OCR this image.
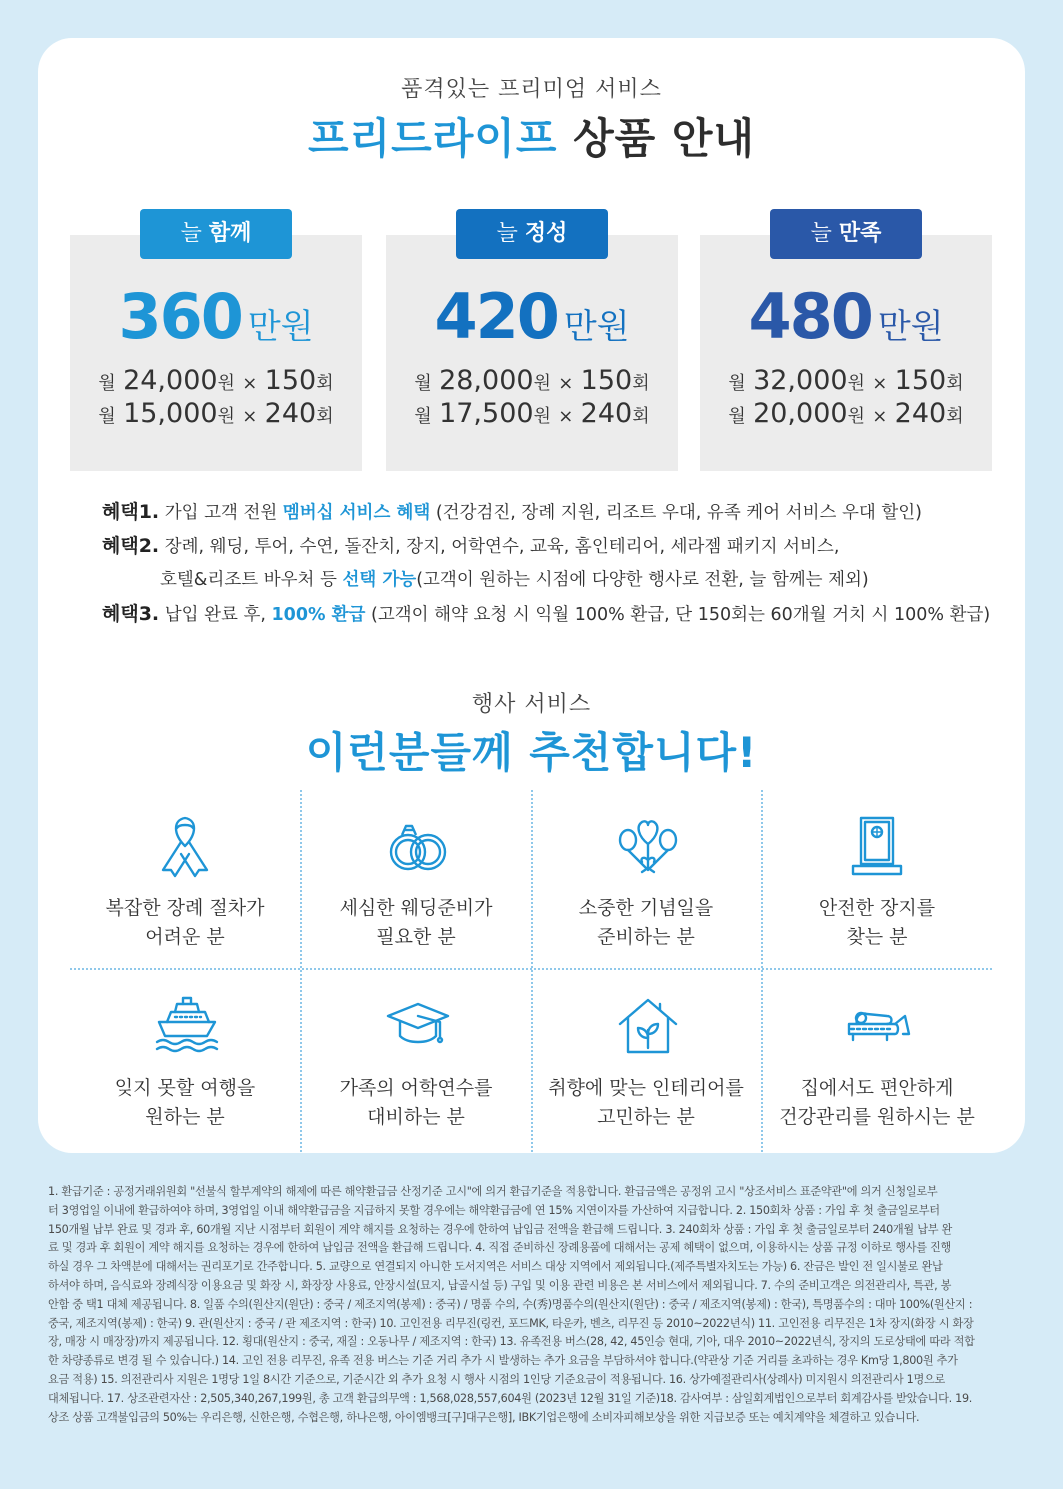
품격있는 프리미엄 서비스
프리드라이프 상품 안내
360 만원
월 24,000원 × 150회
월 15,000원 × 240회
늘 함께
420 만원
월 28,000원 × 150회
월 17,500원 × 240회
늘 정성
480 만원
월 32,000원 × 150회
월 20,000원 × 240회
늘 만족
혜택1. 가입 고객 전원 멤버십 서비스 혜택 (건강검진, 장례 지원, 리조트 우대, 유족 케어 서비스 우대 할인)
혜택2. 장례, 웨딩, 투어, 수연, 돌잔치, 장지, 어학연수, 교육, 홈인테리어, 세라젬 패키지 서비스,
호텔&리조트 바우처 등 선택 가능(고객이 원하는 시점에 다양한 행사로 전환, 늘 함께는 제외)
혜택3. 납입 완료 후, 100% 환급 (고객이 해약 요청 시 익월 100% 환급, 단 150회는 60개월 거치 시 100% 환급)
행사 서비스
이런분들께 추천합니다!
복잡한 장례 절차가
어려운 분
세심한 웨딩준비가
필요한 분
소중한 기념일을
준비하는 분
안전한 장지를
찾는 분
잊지 못할 여행을
원하는 분
가족의 어학연수를
대비하는 분
취향에 맞는 인테리어를
고민하는 분
집에서도 편안하게
건강관리를 원하시는 분
1. 환급기준 : 공정거래위원회 "선불식 할부계약의 해제에 따른 해약환급금 산정기준 고시"에 의거 환급기준을 적용합니다. 환급금액은 공정위 고시 "상조서비스 표준약관"에 의거 신청일로부
터 3영업일 이내에 환급하여야 하며, 3영업일 이내 해약환급금을 지급하지 못할 경우에는 해약환급금에 연 15% 지연이자를 가산하여 지급합니다. 2. 150회차 상품 : 가입 후 첫 출금일로부터
150개월 납부 완료 및 경과 후, 60개월 지난 시점부터 회원이 계약 해지를 요청하는 경우에 한하여 납입금 전액을 환급해 드립니다. 3. 240회차 상품 : 가입 후 첫 출금일로부터 240개월 납부 완
료 및 경과 후 회원이 계약 해지를 요청하는 경우에 한하여 납입금 전액을 환급해 드립니다. 4. 직접 준비하신 장례용품에 대해서는 공제 혜택이 없으며, 이용하시는 상품 규정 이하로 행사를 진행
하실 경우 그 차액분에 대해서는 권리포기로 간주합니다. 5. 교량으로 연결되지 아니한 도서지역은 서비스 대상 지역에서 제외됩니다.(제주특별자치도는 가능) 6. 잔금은 발인 전 일시불로 완납
하셔야 하며, 음식료와 장례식장 이용요금 및 화장 시, 화장장 사용료, 안장시설(묘지, 납골시설 등) 구입 및 이용 관련 비용은 본 서비스에서 제외됩니다. 7. 수의 준비고객은 의전관리사, 특관, 봉
안함 중 택1 대체 제공됩니다. 8. 일품 수의(원산지(원단) : 중국 / 제조지역(봉제) : 중국) / 명품 수의, 수(秀)명품수의(원산지(원단) : 중국 / 제조지역(봉제) : 한국), 특명품수의 : 대마 100%(원산지 :
중국, 제조지역(봉제) : 한국) 9. 관(원산지 : 중국 / 관 제조지역 : 한국) 10. 고인전용 리무진(링컨, 포드MK, 타운카, 벤츠, 리무진 등 2010~2022년식) 11. 고인전용 리무진은 1차 장지(화장 시 화장
장, 매장 시 매장장)까지 제공됩니다. 12. 횡대(원산지 : 중국, 재질 : 오동나무 / 제조지역 : 한국) 13. 유족전용 버스(28, 42, 45인승 현대, 기아, 대우 2010~2022년식, 장지의 도로상태에 따라 적합
한 차량종류로 변경 될 수 있습니다.) 14. 고인 전용 리무진, 유족 전용 버스는 기준 거리 추가 시 발생하는 추가 요금을 부담하셔야 합니다.(약관상 기준 거리를 초과하는 경우 Km당 1,800원 추가
요금 적용) 15. 의전관리사 지원은 1명당 1일 8시간 기준으로, 기준시간 외 추가 요청 시 행사 시점의 1인당 기준요금이 적용됩니다. 16. 상가예절관리사(상례사) 미지원시 의전관리사 1명으로
대체됩니다. 17. 상조관련자산 : 2,505,340,267,199원, 총 고객 환급의무액 : 1,568,028,557,604원 (2023년 12월 31일 기준)18. 감사여부 : 삼일회계법인으로부터 회계감사를 받았습니다. 19.
상조 상품 고객불입금의 50%는 우리은행, 신한은행, 수협은행, 하나은행, 아이엠뱅크[구]대구은행], IBK기업은행에 소비자피해보상을 위한 지급보증 또는 예치계약을 체결하고 있습니다.
